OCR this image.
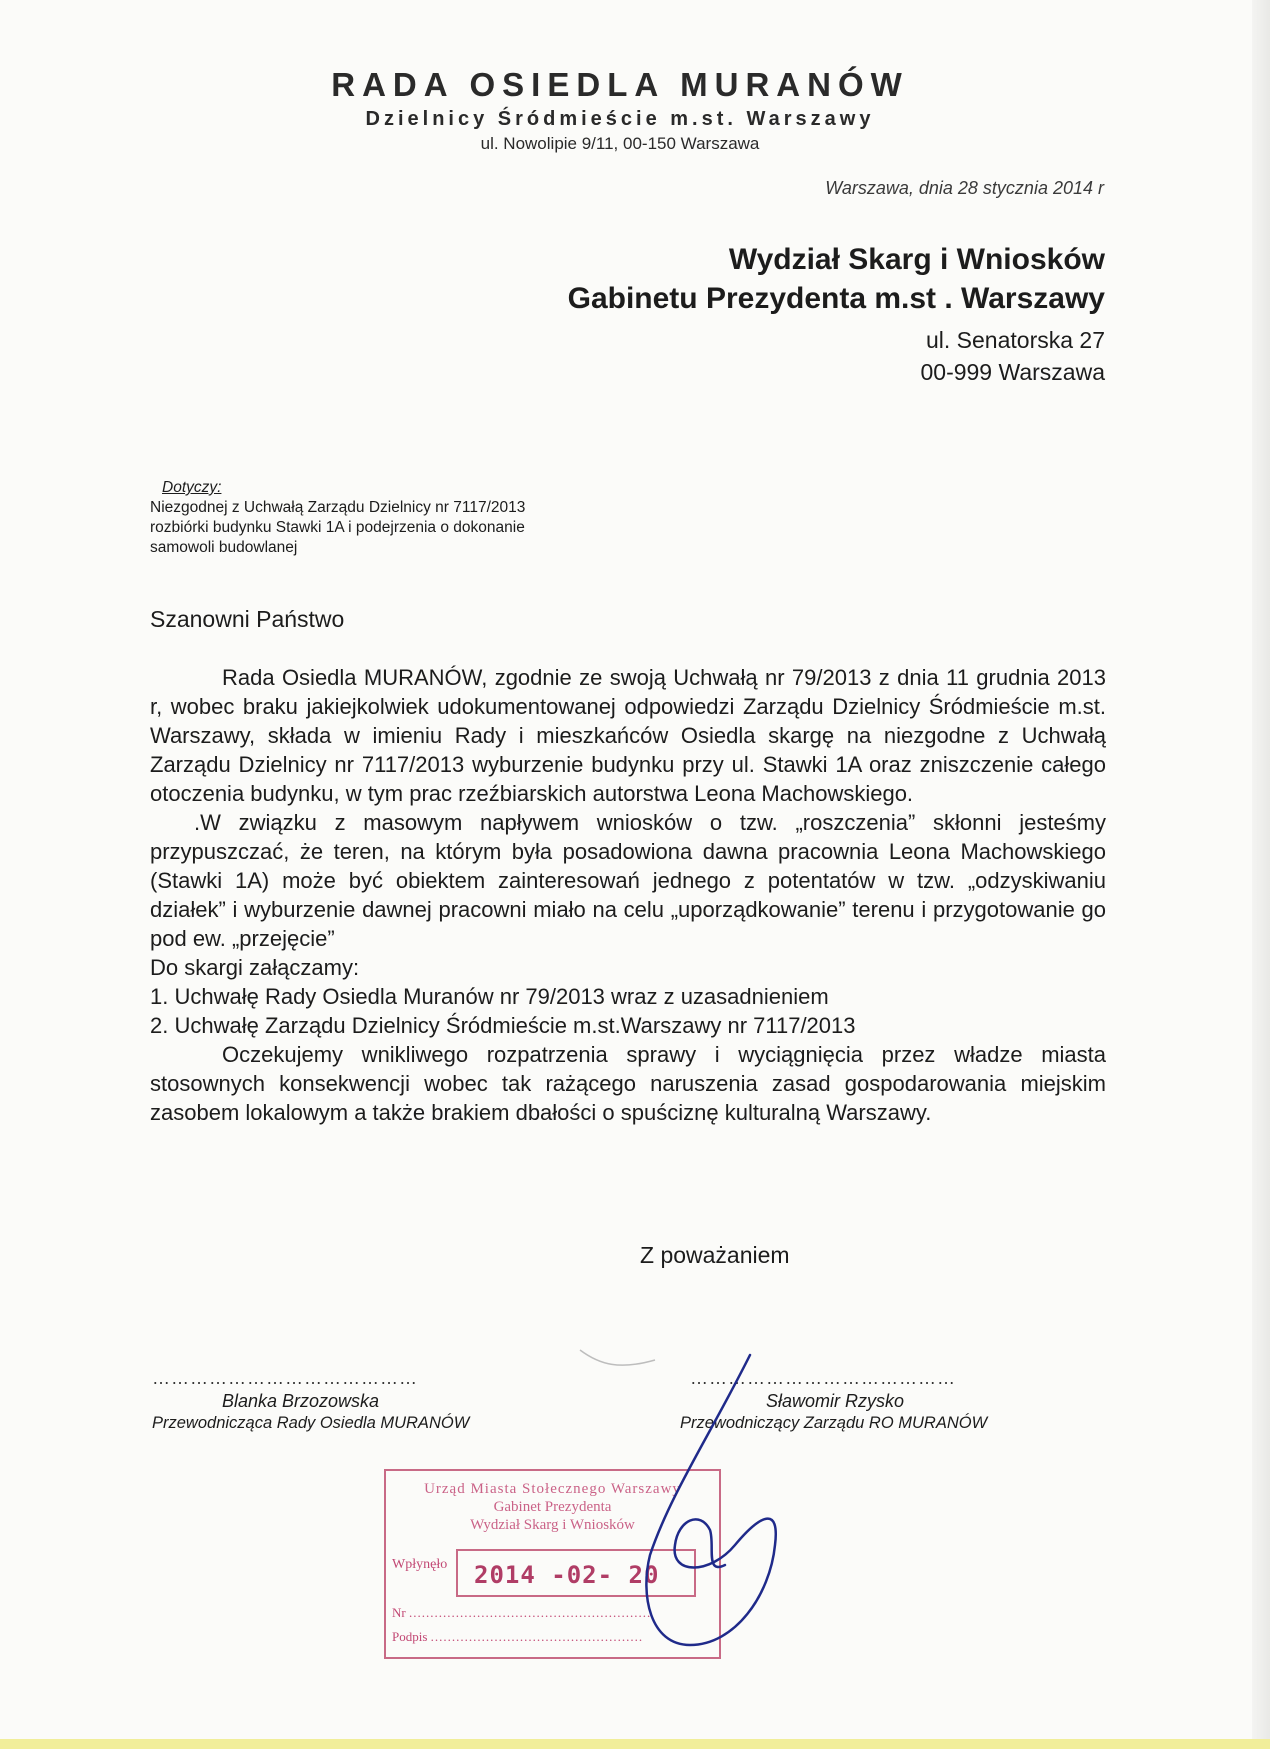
RADA OSIEDLA MURANÓW
Dzielnicy Śródmieście m.st. Warszawy
ul. Nowolipie 9/11, 00-150 Warszawa
Warszawa, dnia 28 stycznia 2014 r
Wydział Skarg i Wniosków
Gabinetu Prezydenta m.st . Warszawy
ul. Senatorska 27
00-999 Warszawa
Dotyczy:
Niezgodnej z Uchwałą Zarządu Dzielnicy nr 7117/2013
rozbiórki budynku Stawki 1A i podejrzenia o dokonanie
samowoli budowlanej
Szanowni Państwo

Rada Osiedla MURANÓW, zgodnie ze swoją Uchwałą nr 79/2013 z dnia 11 grudnia 2013 r, wobec braku jakiejkolwiek udokumentowanej odpowiedzi Zarządu Dzielnicy Śródmieście m.st. Warszawy, składa w imieniu Rady i mieszkańców Osiedla skargę na niezgodne z Uchwałą Zarządu Dzielnicy nr 7117/2013 wyburzenie budynku przy ul. Stawki 1A oraz zniszczenie całego otoczenia budynku, w tym prac rzeźbiarskich autorstwa Leona Machowskiego.

.W związku z masowym napływem wniosków o tzw. „roszczenia” skłonni jesteśmy przypuszczać, że teren, na którym była posadowiona dawna pracownia Leona Machowskiego (Stawki 1A) może być obiektem zainteresowań jednego z potentatów w tzw. „odzyskiwaniu działek” i wyburzenie dawnej pracowni miało na celu „uporządkowanie” terenu i przygotowanie go pod ew. „przejęcie”

Do skargi załączamy:

1. Uchwałę Rady Osiedla Muranów nr 79/2013 wraz z uzasadnieniem

2. Uchwałę Zarządu Dzielnicy Śródmieście m.st.Warszawy nr 7117/2013

Oczekujemy wnikliwego rozpatrzenia sprawy i wyciągnięcia przez władze miasta stosownych konsekwencji wobec tak rażącego naruszenia zasad gospodarowania miejskim zasobem lokalowym a także brakiem dbałości o spuściznę kulturalną Warszawy.

Z poważaniem
……………………………………
Blanka Brzozowska
Przewodnicząca Rady Osiedla MURANÓW
……………………………………
Sławomir Rzysko
Przewodniczący Zarządu RO MURANÓW
Urząd Miasta Stołecznego Warszawy
Gabinet Prezydenta
Wydział Skarg i Wniosków
Wpłynęło	2014 -02- 20
Nr .........................................................
Podpis ..................................................
